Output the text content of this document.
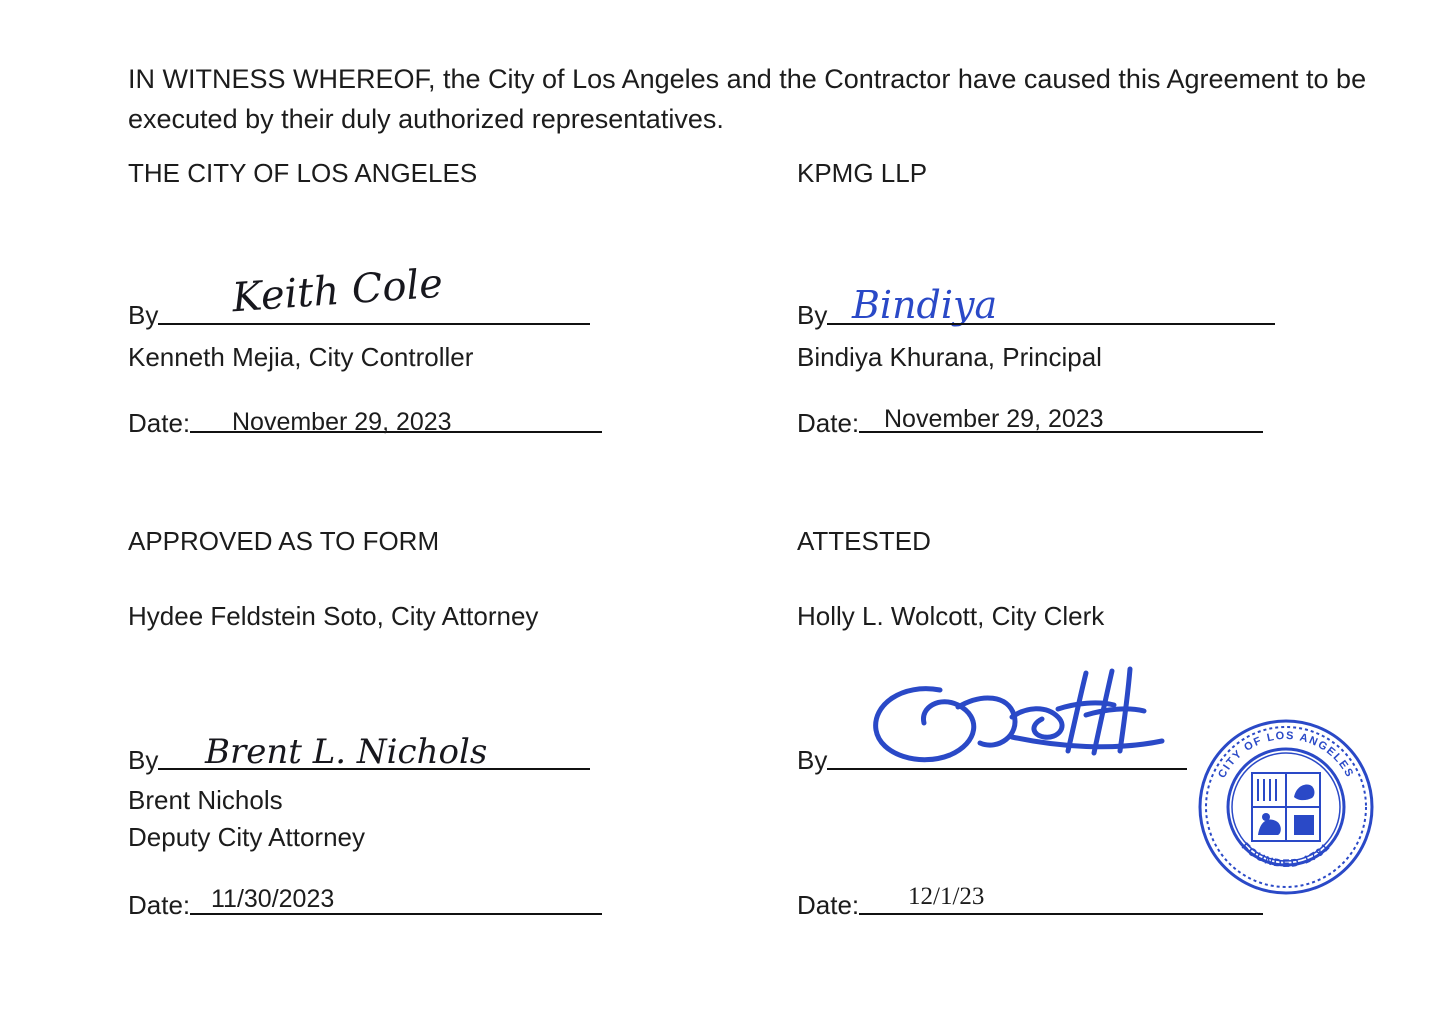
IN WITNESS WHEREOF, the City of Los Angeles and the Contractor have caused this Agreement to be executed by their duly authorized representatives.
THE CITY OF LOS ANGELES
Keith Cole
By
Kenneth Mejia, City Controller
Date: November 29, 2023
APPROVED AS TO FORM
Hydee Feldstein Soto, City Attorney
Brent L. Nichols
By
Brent Nichols
Deputy City Attorney
Date: 11/30/2023
KPMG LLP
Bindiya
By
Bindiya Khurana, Principal
Date: November 29, 2023
ATTESTED
Holly L. Wolcott, City Clerk
By
Date: 12/1/23
CITY OF LOS ANGELES
FOUNDED 1781
